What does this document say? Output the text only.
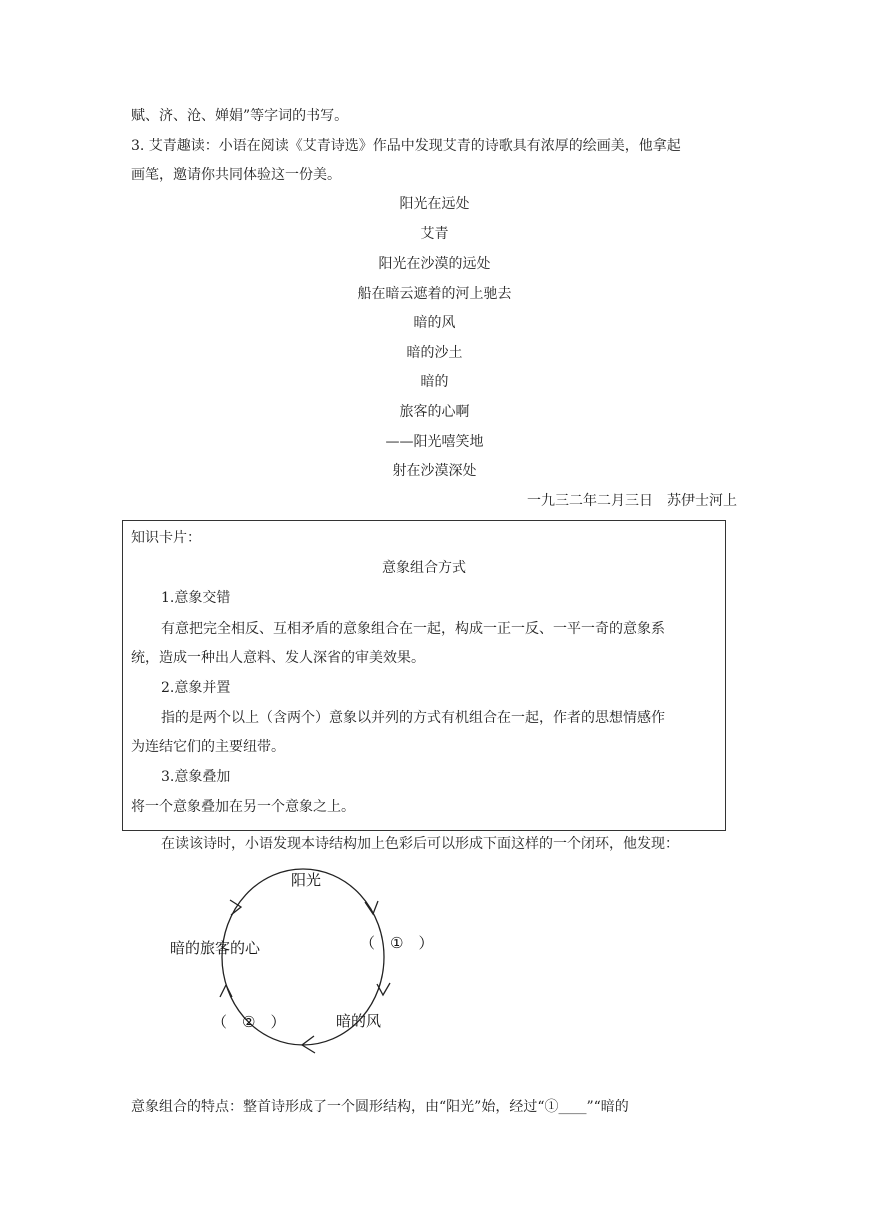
赋、济、沧、婵娟”等字词的书写。
3. 艾青趣读：小语在阅读《艾青诗选》作品中发现艾青的诗歌具有浓厚的绘画美，他拿起
画笔，邀请你共同体验这一份美。
阳光在远处
艾青
阳光在沙漠的远处
船在暗云遮着的河上驰去
暗的风
暗的沙土
暗的
旅客的心啊
——阳光嘻笑地
射在沙漠深处
一九三二年二月三日　苏伊士河上
知识卡片：
意象组合方式
1.意象交错
有意把完全相反、互相矛盾的意象组合在一起，构成一正一反、一平一奇的意象系
统，造成一种出人意料、发人深省的审美效果。
2.意象并置
指的是两个以上（含两个）意象以并列的方式有机组合在一起，作者的思想情感作
为连结它们的主要纽带。
3.意象叠加
将一个意象叠加在另一个意象之上。
在读该诗时，小语发现本诗结构加上色彩后可以形成下面这样的一个闭环，他发现：
阳光
（　①　）
暗的风
（　②　）
暗的旅客的心
意象组合的特点：整首诗形成了一个圆形结构，由“阳光”始，经过“①____”“暗的
